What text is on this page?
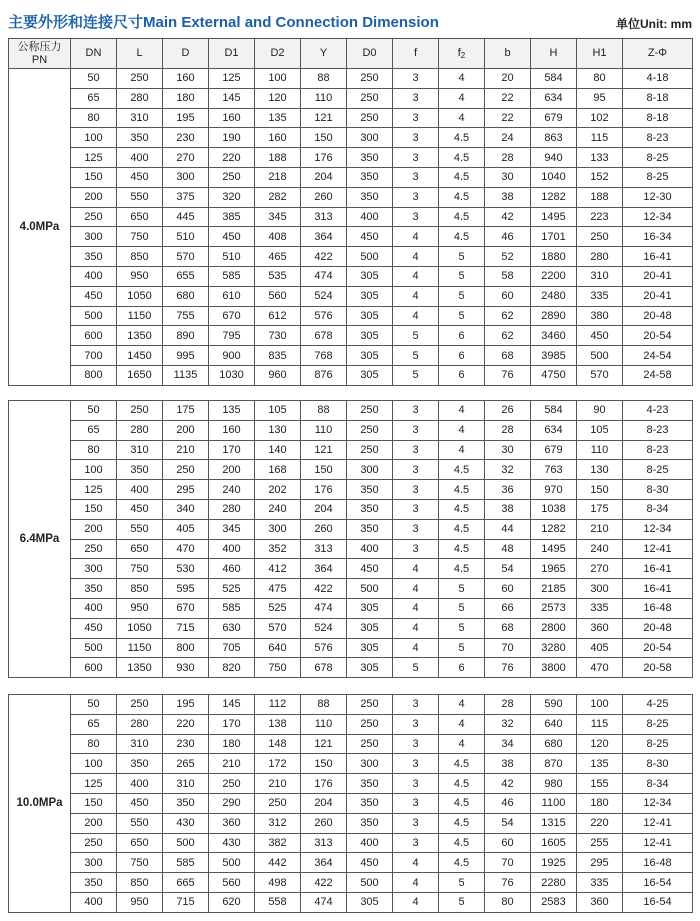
主要外形和连接尺寸Main External and Connection Dimension	单位Unit: mm
公称压力
PN	DN	L	D	D1	D2	Y	D0	f	$f_2$	b	H	H1	Z-Φ
4.0MPa	50	250	160	125	100	88	250	3	4	20	584	80	4-18
	65	280	180	145	120	110	250	3	4	22	634	95	8-18
	80	310	195	160	135	121	250	3	4	22	679	102	8-18
	100	350	230	190	160	150	300	3	4.5	24	863	115	8-23
	125	400	270	220	188	176	350	3	4.5	28	940	133	8-25
	150	450	300	250	218	204	350	3	4.5	30	1040	152	8-25
	200	550	375	320	282	260	350	3	4.5	38	1282	188	12-30
	250	650	445	385	345	313	400	3	4.5	42	1495	223	12-34
	300	750	510	450	408	364	450	4	4.5	46	1701	250	16-34
	350	850	570	510	465	422	500	4	5	52	1880	280	16-41
	400	950	655	585	535	474	305	4	5	58	2200	310	20-41
	450	1050	680	610	560	524	305	4	5	60	2480	335	20-41
	500	1150	755	670	612	576	305	4	5	62	2890	380	20-48
	600	1350	890	795	730	678	305	5	6	62	3460	450	20-54
	700	1450	995	900	835	768	305	5	6	68	3985	500	24-54
	800	1650	1135	1030	960	876	305	5	6	76	4750	570	24-58
6.4MPa	50	250	175	135	105	88	250	3	4	26	584	90	4-23
	65	280	200	160	130	110	250	3	4	28	634	105	8-23
	80	310	210	170	140	121	250	3	4	30	679	110	8-23
	100	350	250	200	168	150	300	3	4.5	32	763	130	8-25
	125	400	295	240	202	176	350	3	4.5	36	970	150	8-30
	150	450	340	280	240	204	350	3	4.5	38	1038	175	8-34
	200	550	405	345	300	260	350	3	4.5	44	1282	210	12-34
	250	650	470	400	352	313	400	3	4.5	48	1495	240	12-41
	300	750	530	460	412	364	450	4	4.5	54	1965	270	16-41
	350	850	595	525	475	422	500	4	5	60	2185	300	16-41
	400	950	670	585	525	474	305	4	5	66	2573	335	16-48
	450	1050	715	630	570	524	305	4	5	68	2800	360	20-48
	500	1150	800	705	640	576	305	4	5	70	3280	405	20-54
	600	1350	930	820	750	678	305	5	6	76	3800	470	20-58
10.0MPa	50	250	195	145	112	88	250	3	4	28	590	100	4-25
	65	280	220	170	138	110	250	3	4	32	640	115	8-25
	80	310	230	180	148	121	250	3	4	34	680	120	8-25
	100	350	265	210	172	150	300	3	4.5	38	870	135	8-30
	125	400	310	250	210	176	350	3	4.5	42	980	155	8-34
	150	450	350	290	250	204	350	3	4.5	46	1100	180	12-34
	200	550	430	360	312	260	350	3	4.5	54	1315	220	12-41
	250	650	500	430	382	313	400	3	4.5	60	1605	255	12-41
	300	750	585	500	442	364	450	4	4.5	70	1925	295	16-48
	350	850	665	560	498	422	500	4	5	76	2280	335	16-54
	400	950	715	620	558	474	305	4	5	80	2583	360	16-54
